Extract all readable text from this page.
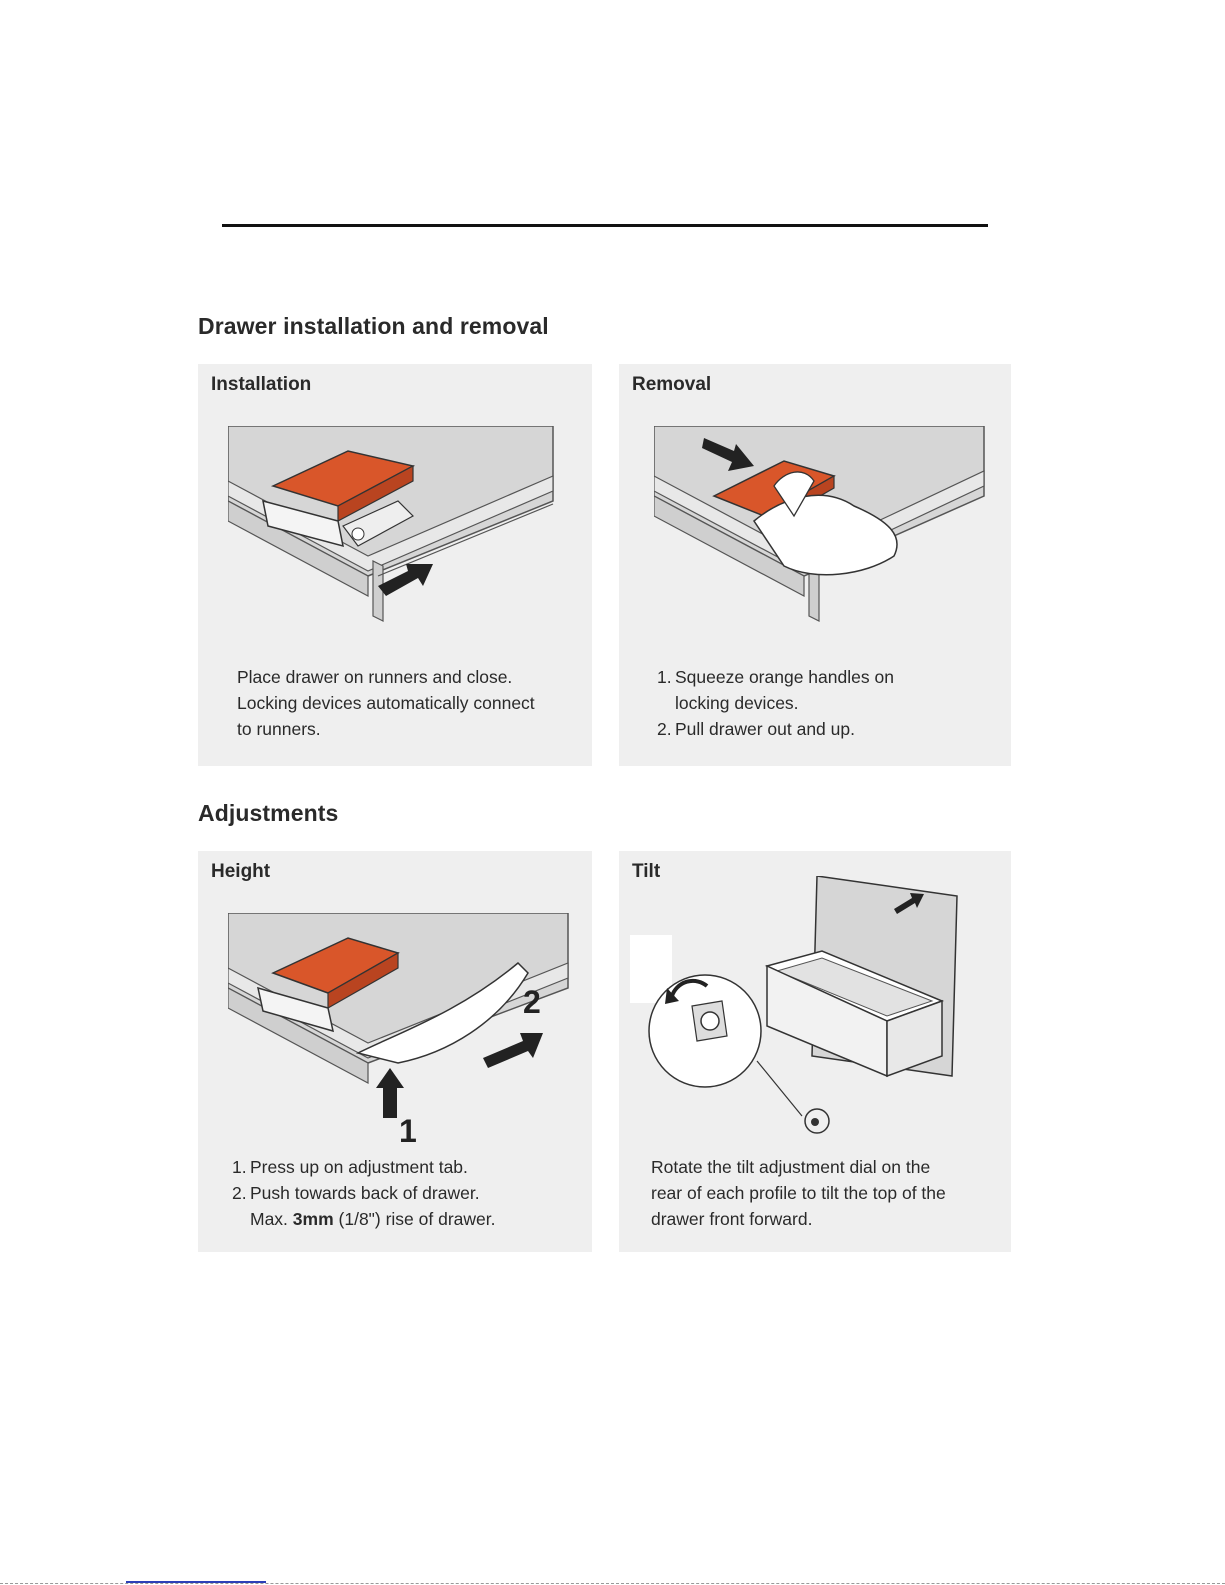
Drawer installation and removal
Installation
Place drawer on runners and close.
Locking devices automatically connect
to runners.
Removal
1. Squeeze orange handles on
locking devices.
2. Pull drawer out and up.
Adjustments
Height
1
2
1. Press up on adjustment tab.
2. Push towards back of drawer.
Max. 3mm (1/8") rise of drawer.
Tilt
Rotate the tilt adjustment dial on the
rear of each profile to tilt the top of the
drawer front forward.
